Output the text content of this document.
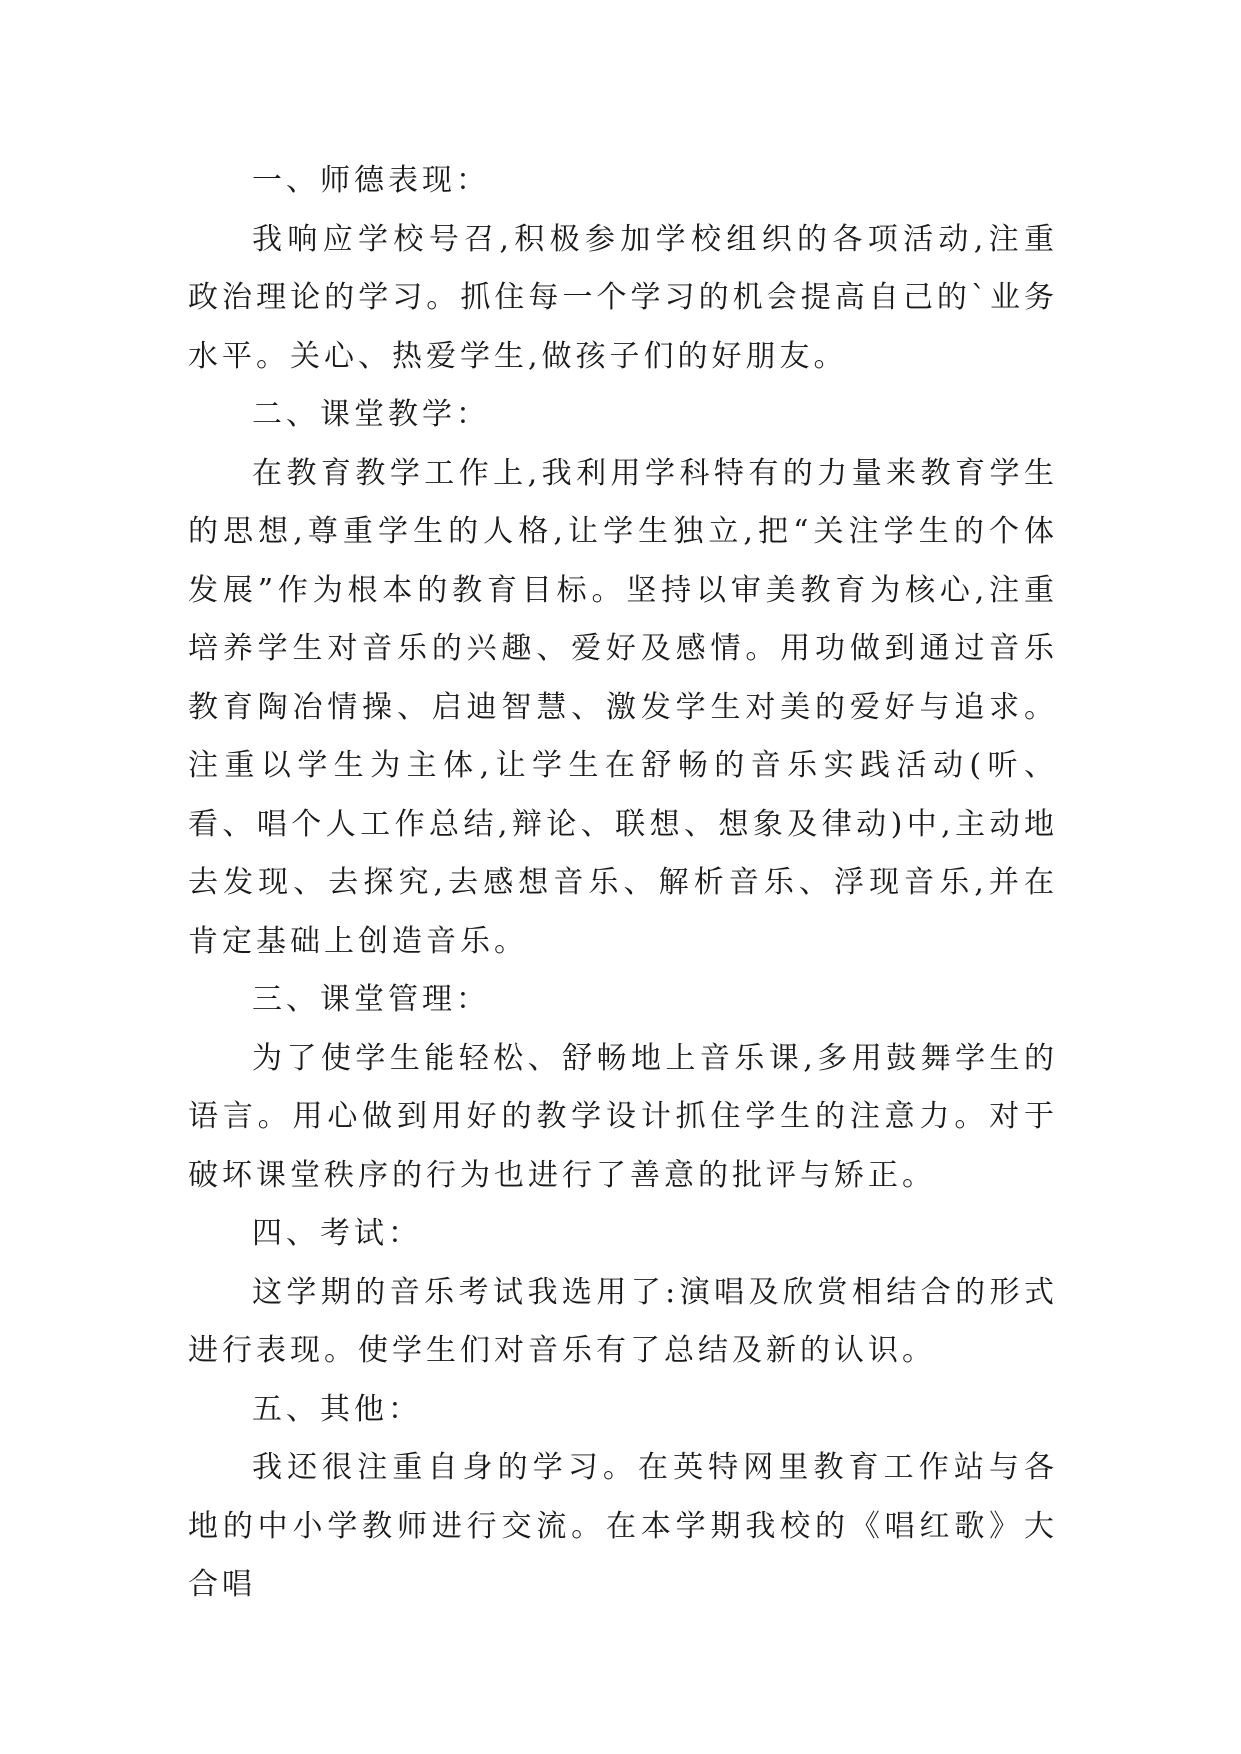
一、师德表现：

我响应学校号召,积极参加学校组织的各项活动,注重政治理论的学习。抓住每一个学习的机会提高自己的`业务水平。关心、热爱学生,做孩子们的好朋友。

二、课堂教学：

在教育教学工作上,我利用学科特有的力量来教育学生的思想,尊重学生的人格,让学生独立,把“关注学生的个体发展”作为根本的教育目标。坚持以审美教育为核心,注重培养学生对音乐的兴趣、爱好及感情。用功做到通过音乐教育陶冶情操、启迪智慧、激发学生对美的爱好与追求。注重以学生为主体,让学生在舒畅的音乐实践活动(听、看、唱个人工作总结,辩论、联想、想象及律动)中,主动地去发现、去探究,去感想音乐、解析音乐、浮现音乐,并在肯定基础上创造音乐。

三、课堂管理：

为了使学生能轻松、舒畅地上音乐课,多用鼓舞学生的语言。用心做到用好的教学设计抓住学生的注意力。对于破坏课堂秩序的行为也进行了善意的批评与矫正。

四、考试：

这学期的音乐考试我选用了:演唱及欣赏相结合的形式进行表现。使学生们对音乐有了总结及新的认识。

五、其他：

我还很注重自身的学习。在英特网里教育工作站与各地的中小学教师进行交流。在本学期我校的《唱红歌》大合唱
